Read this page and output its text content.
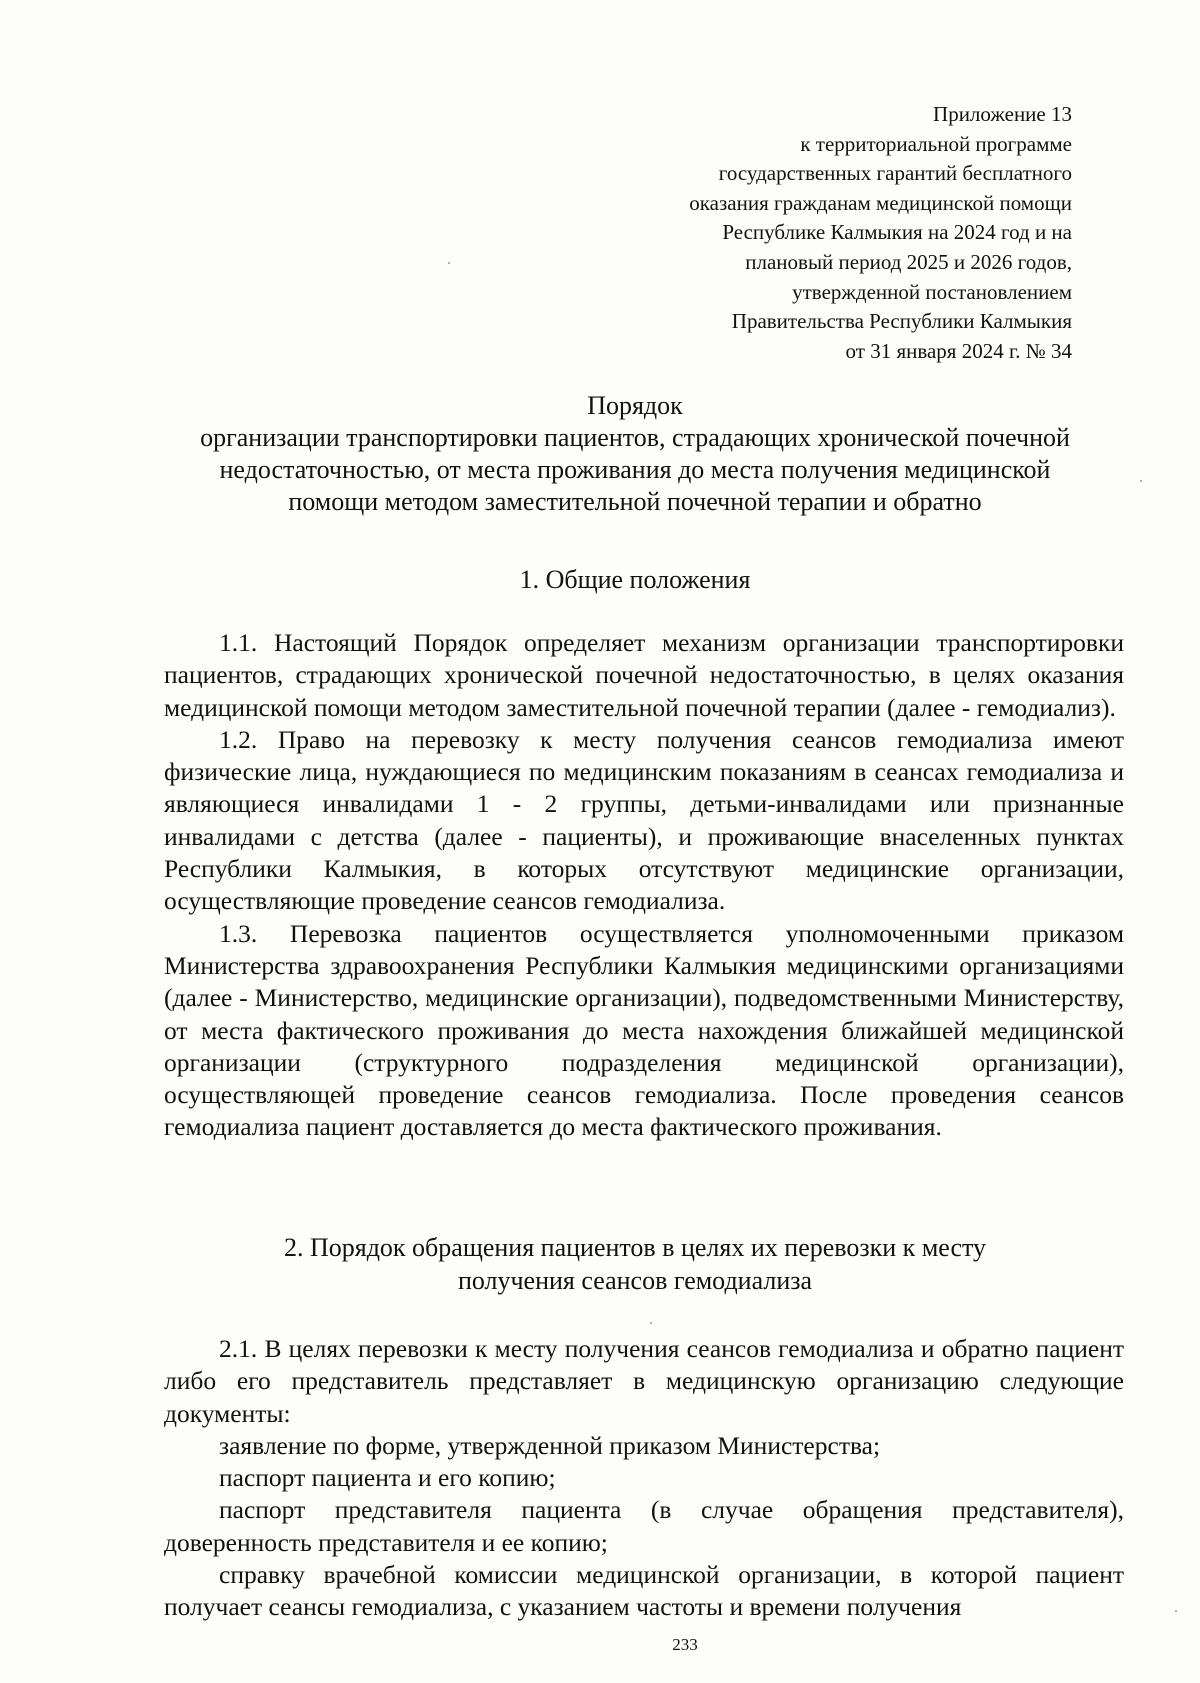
Приложение 13
к территориальной программе
государственных гарантий бесплатного
оказания гражданам медицинской помощи
Республике Калмыкия на 2024 год и на
плановый период 2025 и 2026 годов,
утвержденной постановлением
Правительства Республики Калмыкия
от 31 января 2024 г. № 34
Порядок
организации транспортировки пациентов, страдающих хронической почечной
недостаточностью, от места проживания до места получения медицинской
помощи методом заместительной почечной терапии и обратно
1. Общие положения

1.1. Настоящий Порядок определяет механизм организации транспортировки пациентов, страдающих хронической почечной недостаточностью, в целях оказания медицинской помощи методом заместительной почечной терапии (далее - гемодиализ).

1.2. Право на перевозку к месту получения сеансов гемодиализа имеют физические лица, нуждающиеся по медицинским показаниям в сеансах гемодиализа и являющиеся инвалидами 1 - 2 группы, детьми-инвалидами или признанные инвалидами с детства (далее - пациенты), и проживающие внаселенных пунктах Республики Калмыкия, в которых отсутствуют медицинские организации, осуществляющие проведение сеансов гемодиализа.

1.3. Перевозка пациентов осуществляется уполномоченными приказом Министерства здравоохранения Республики Калмыкия медицинскими организациями (далее - Министерство, медицинские организации), подведомственными Министерству, от места фактического проживания до места нахождения ближайшей медицинской организации (структурного подразделения медицинской организации), осуществляющей проведение сеансов гемодиализа. После проведения сеансов гемодиализа пациент доставляется до места фактического проживания.

2. Порядок обращения пациентов в целях их перевозки к месту
получения сеансов гемодиализа

2.1. В целях перевозки к месту получения сеансов гемодиализа и обратно пациент либо его представитель представляет в медицинскую организацию следующие документы:

заявление по форме, утвержденной приказом Министерства;

паспорт пациента и его копию;

паспорт представителя пациента (в случае обращения представителя), доверенность представителя и ее копию;

справку врачебной комиссии медицинской организации, в которой пациент получает сеансы гемодиализа, с указанием частоты и времени получения

233
